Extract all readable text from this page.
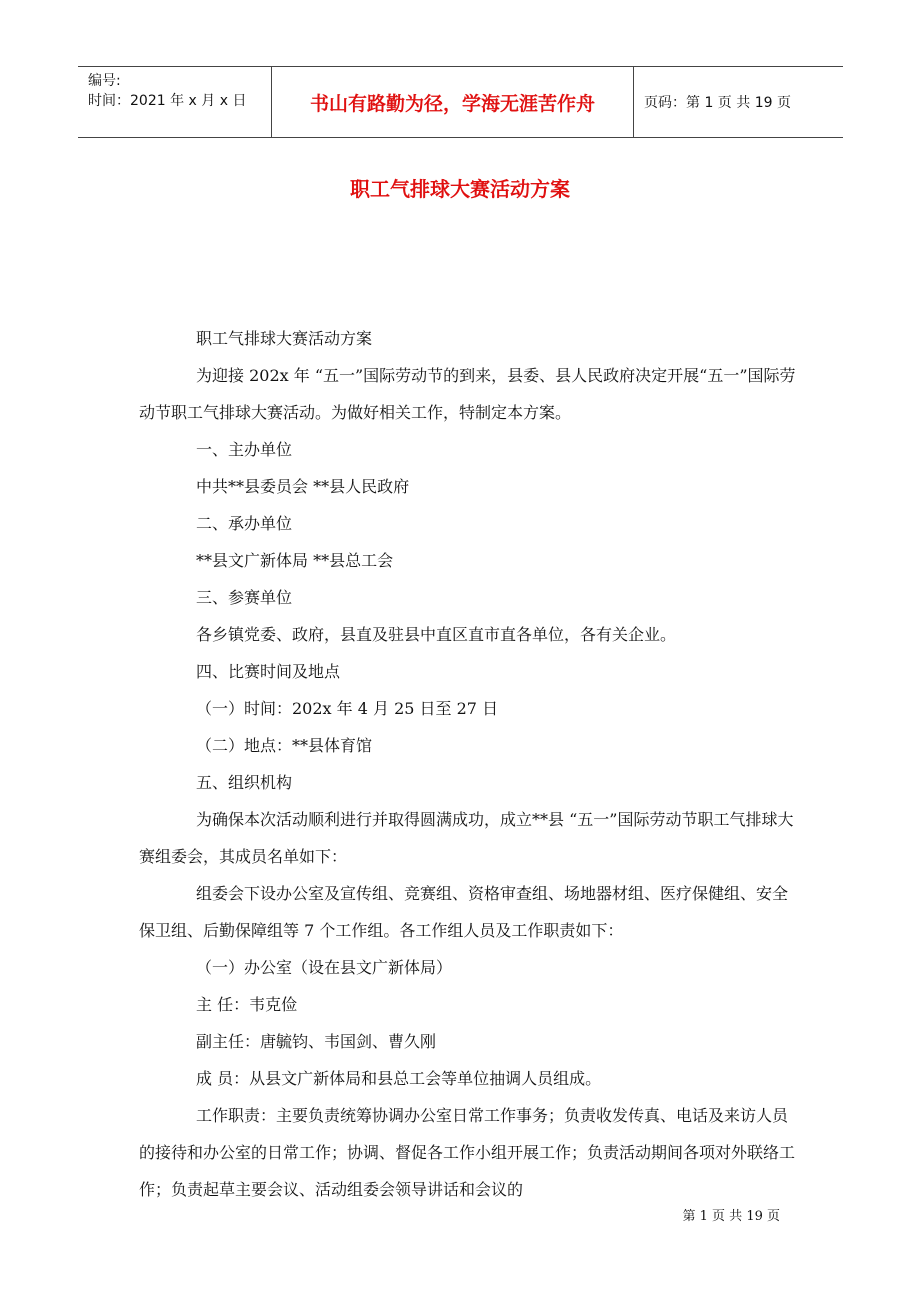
编号:
时间：2021 年 x 月 x 日	书山有路勤为径，学海无涯苦作舟	页码：第 1 页 共 19 页
职工气排球大赛活动方案

职工气排球大赛活动方案

为迎接 202x 年 “五一”国际劳动节的到来，县委、县人民政府决定开展“五一”国际劳动节职工气排球大赛活动。为做好相关工作，特制定本方案。

一、主办单位

中共**县委员会 **县人民政府

二、承办单位

**县文广新体局 **县总工会

三、参赛单位

各乡镇党委、政府，县直及驻县中直区直市直各单位，各有关企业。

四、比赛时间及地点

（一）时间：202x 年 4 月 25 日至 27 日

（二）地点：**县体育馆

五、组织机构

为确保本次活动顺利进行并取得圆满成功，成立**县 “五一”国际劳动节职工气排球大赛组委会，其成员名单如下：

组委会下设办公室及宣传组、竞赛组、资格审查组、场地器材组、医疗保健组、安全保卫组、后勤保障组等 7 个工作组。各工作组人员及工作职责如下：

（一）办公室（设在县文广新体局）

主 任：韦克俭

副主任：唐毓钧、韦国剑、曹久刚

成 员：从县文广新体局和县总工会等单位抽调人员组成。

工作职责：主要负责统筹协调办公室日常工作事务；负责收发传真、电话及来访人员的接待和办公室的日常工作；协调、督促各工作小组开展工作；负责活动期间各项对外联络工作；负责起草主要会议、活动组委会领导讲话和会议的

第 1 页 共 19 页
